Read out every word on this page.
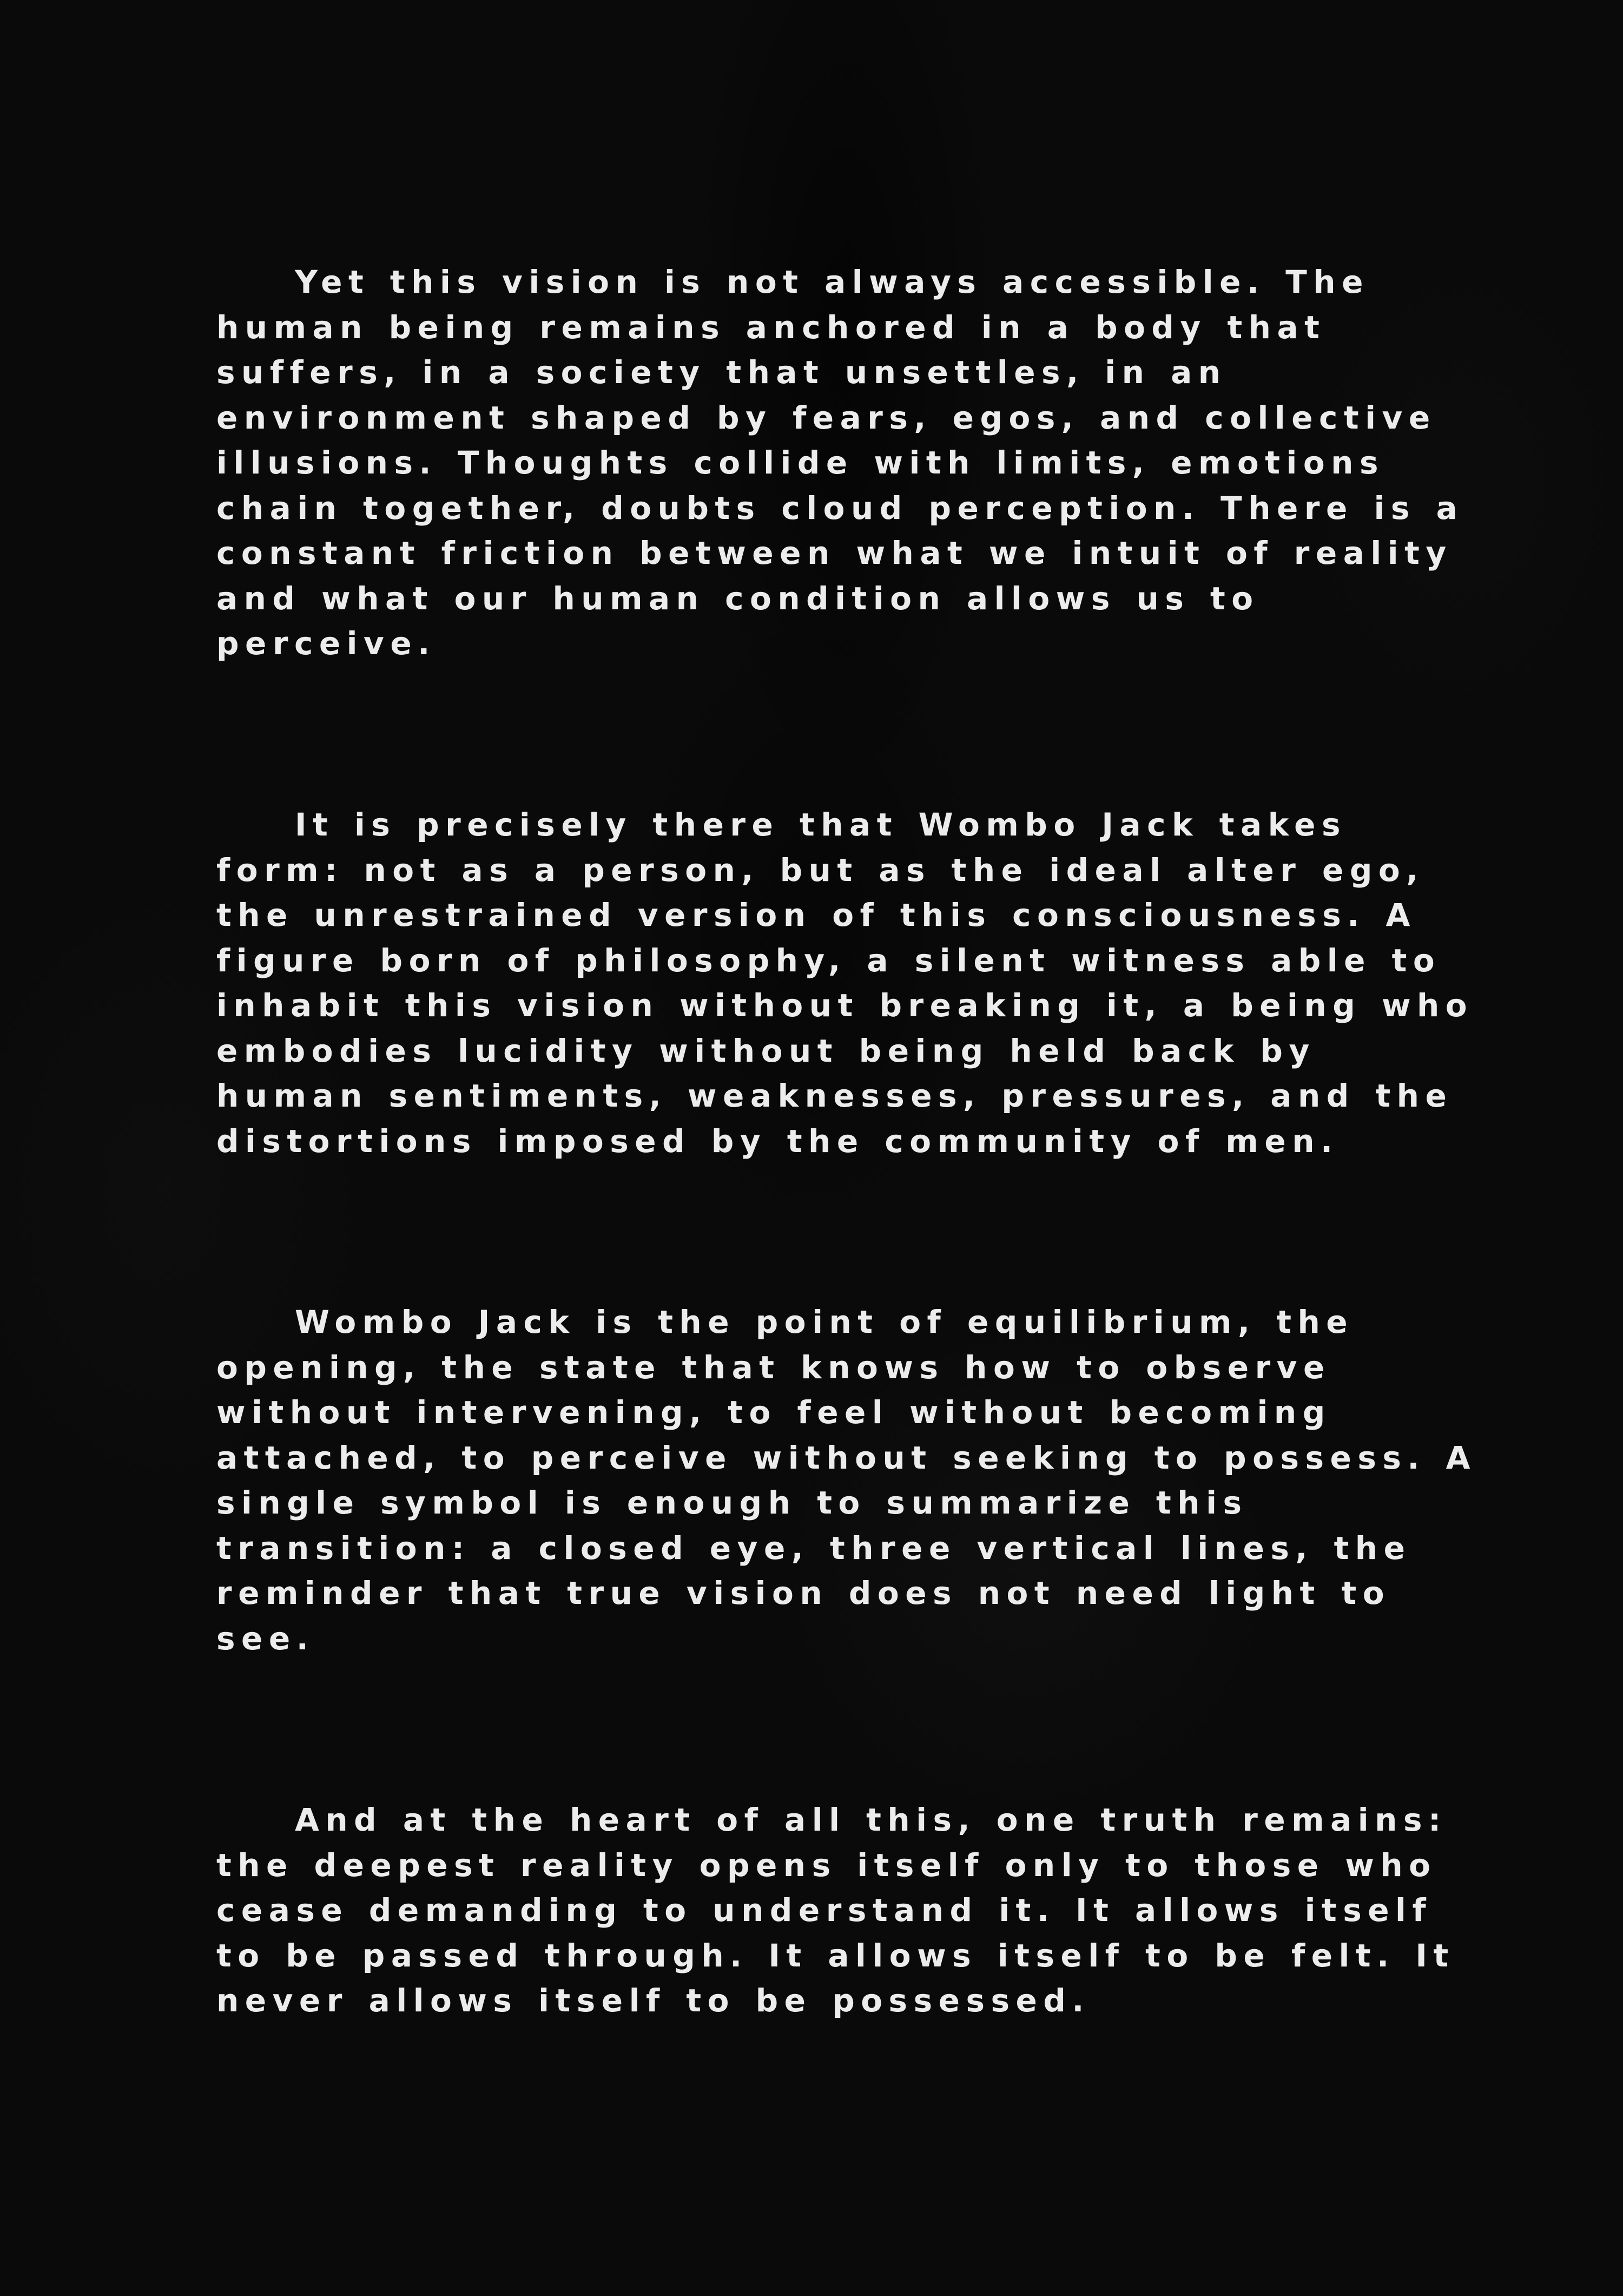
Yet this vision is not always accessible. The
human being remains anchored in a body that
suffers, in a society that unsettles, in an
environment shaped by fears, egos, and collective
illusions. Thoughts collide with limits, emotions
chain together, doubts cloud perception. There is a
constant friction between what we intuit of reality
and what our human condition allows us to
perceive.

It is precisely there that Wombo Jack takes
form: not as a person, but as the ideal alter ego,
the unrestrained version of this consciousness. A
figure born of philosophy, a silent witness able to
inhabit this vision without breaking it, a being who
embodies lucidity without being held back by
human sentiments, weaknesses, pressures, and the
distortions imposed by the community of men.

Wombo Jack is the point of equilibrium, the
opening, the state that knows how to observe
without intervening, to feel without becoming
attached, to perceive without seeking to possess. A
single symbol is enough to summarize this
transition: a closed eye, three vertical lines, the
reminder that true vision does not need light to
see.

And at the heart of all this, one truth remains:
the deepest reality opens itself only to those who
cease demanding to understand it. It allows itself
to be passed through. It allows itself to be felt. It
never allows itself to be possessed.
